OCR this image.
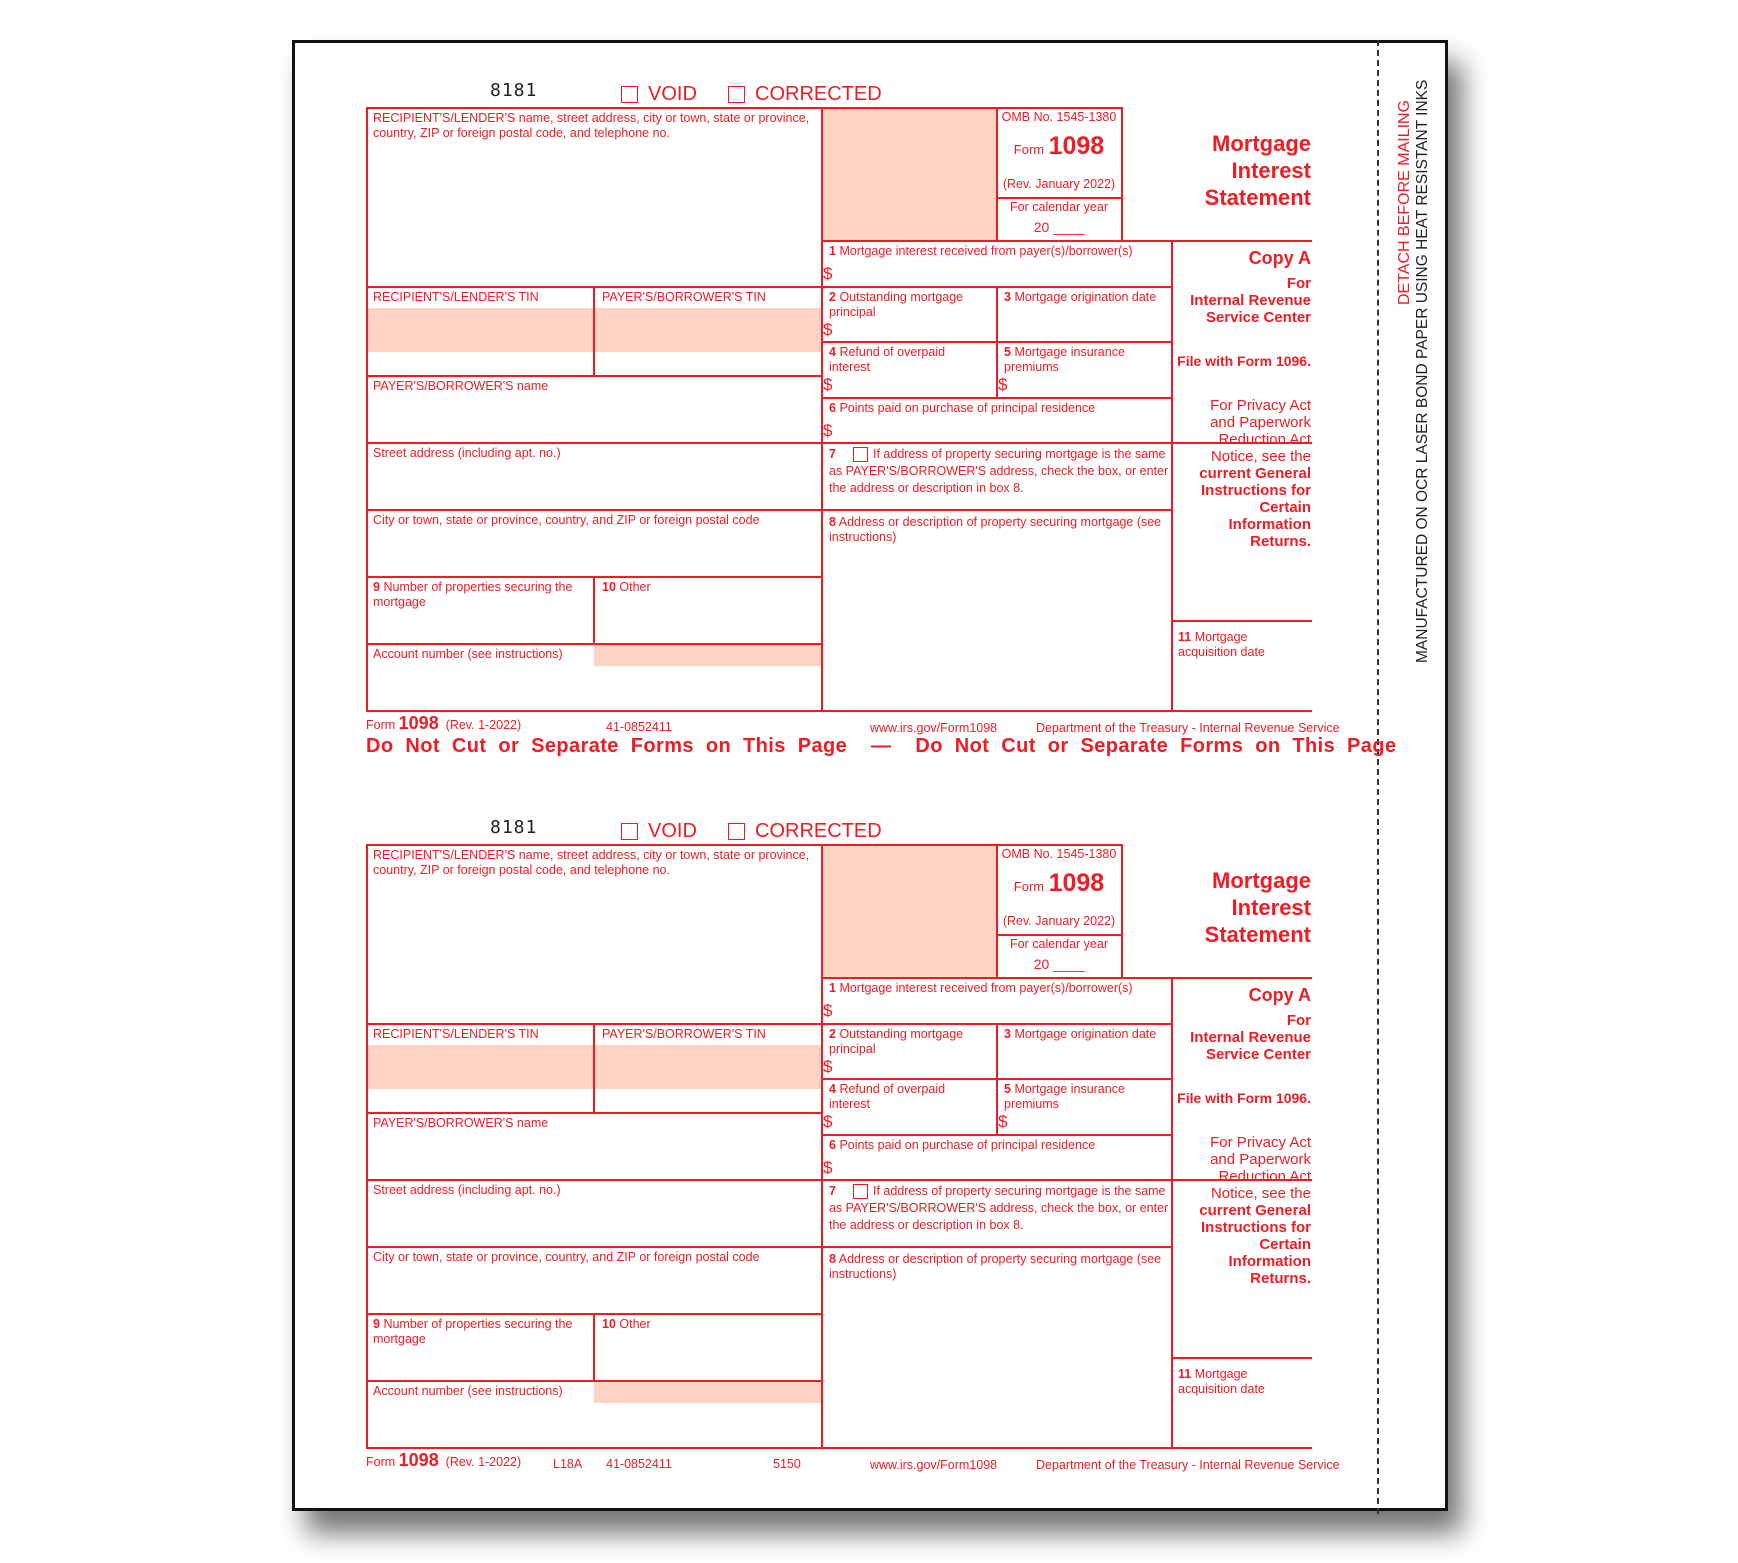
DETACH BEFORE MAILING MANUFACTURED ON OCR LASER BOND PAPER USING HEAT RESISTANT INKS
8181	VOID	CORRECTED
RECIPIENT'S/LENDER'S name, street address, city or town, state or province, country, ZIP or foreign postal code, and telephone no.
RECIPIENT'S/LENDER'S TIN	PAYER'S/BORROWER'S TIN
PAYER'S/BORROWER'S name
Street address (including apt. no.)
City or town, state or province, country, and ZIP or foreign postal code
9 Number of properties securing the mortgage
10 Other
Account number (see instructions)
OMB No. 1545-1380
Form 1098
(Rev. January 2022)
For calendar year
20 ____
1 Mortgage interest received from payer(s)/borrower(s)
$
2 Outstanding mortgage principal
$
3 Mortgage origination date
4 Refund of overpaid interest
$
5 Mortgage insurance premiums
$
6 Points paid on purchase of principal residence
$
7	If address of property securing mortgage is the same as PAYER'S/BORROWER'S address, check the box, or enter the address or description in box 8.
8 Address or description of property securing mortgage (see instructions)
Mortgage
Interest
Statement
Copy A
For
Internal Revenue
Service Center
File with Form 1096.
For Privacy Act
and Paperwork
Reduction Act
Notice, see the
current General
Instructions for
Certain
Information
Returns.
11 Mortgage acquisition date
Form 1098 (Rev. 1-2022)	41-0852411	www.irs.gov/Form1098	Department of the Treasury - Internal Revenue Service
Do Not Cut or Separate Forms on This Page  —  Do Not Cut or Separate Forms on This Page
8181	VOID	CORRECTED
RECIPIENT'S/LENDER'S name, street address, city or town, state or province, country, ZIP or foreign postal code, and telephone no.
RECIPIENT'S/LENDER'S TIN	PAYER'S/BORROWER'S TIN
PAYER'S/BORROWER'S name
Street address (including apt. no.)
City or town, state or province, country, and ZIP or foreign postal code
9 Number of properties securing the mortgage
10 Other
Account number (see instructions)
OMB No. 1545-1380
Form 1098
(Rev. January 2022)
For calendar year
20 ____
1 Mortgage interest received from payer(s)/borrower(s)
$
2 Outstanding mortgage principal
$
3 Mortgage origination date
4 Refund of overpaid interest
$
5 Mortgage insurance premiums
$
6 Points paid on purchase of principal residence
$
7	If address of property securing mortgage is the same as PAYER'S/BORROWER'S address, check the box, or enter the address or description in box 8.
8 Address or description of property securing mortgage (see instructions)
Mortgage
Interest
Statement
Copy A
For
Internal Revenue
Service Center
File with Form 1096.
For Privacy Act
and Paperwork
Reduction Act
Notice, see the
current General
Instructions for
Certain
Information
Returns.
11 Mortgage acquisition date
Form 1098 (Rev. 1-2022)	L18A 41-0852411	5150	www.irs.gov/Form1098	Department of the Treasury - Internal Revenue Service
